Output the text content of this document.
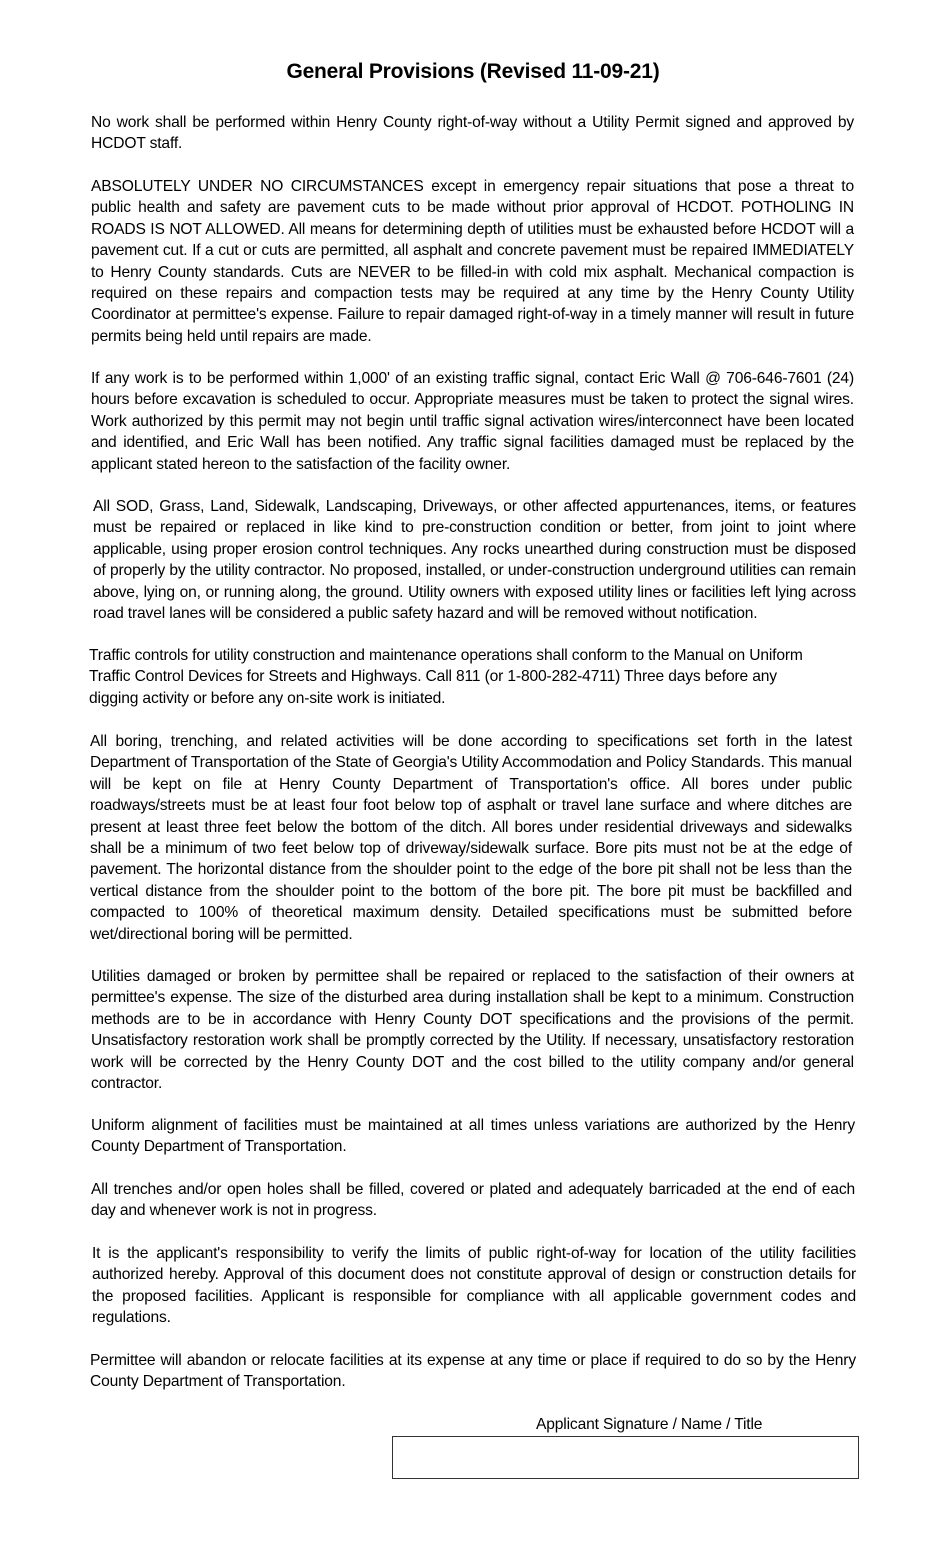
General Provisions (Revised 11-09-21)

No work shall be performed within Henry County right-of-way without a Utility Permit signed and approved by HCDOT staff.

ABSOLUTELY UNDER NO CIRCUMSTANCES except in emergency repair situations that pose a threat to public health and safety are pavement cuts to be made without prior approval of HCDOT. POTHOLING IN ROADS IS NOT ALLOWED. All means for determining depth of utilities must be exhausted before HCDOT will a pavement cut. If a cut or cuts are permitted, all asphalt and concrete pavement must be repaired IMMEDIATELY to Henry County standards. Cuts are NEVER to be filled-in with cold mix asphalt. Mechanical compaction is required on these repairs and compaction tests may be required at any time by the Henry County Utility Coordinator at permittee's expense. Failure to repair damaged right-of-way in a timely manner will result in future permits being held until repairs are made.

If any work is to be performed within 1,000' of an existing traffic signal, contact Eric Wall @ 706-646-7601 (24) hours before excavation is scheduled to occur. Appropriate measures must be taken to protect the signal wires. Work authorized by this permit may not begin until traffic signal activation wires/interconnect have been located and identified, and Eric Wall has been notified. Any traffic signal facilities damaged must be replaced by the applicant stated hereon to the satisfaction of the facility owner.

All SOD, Grass, Land, Sidewalk, Landscaping, Driveways, or other affected appurtenances, items, or features must be repaired or replaced in like kind to pre-construction condition or better, from joint to joint where applicable, using proper erosion control techniques. Any rocks unearthed during construction must be disposed of properly by the utility contractor. No proposed, installed, or under-construction underground utilities can remain above, lying on, or running along, the ground. Utility owners with exposed utility lines or facilities left lying across road travel lanes will be considered a public safety hazard and will be removed without notification.

Traffic controls for utility construction and maintenance operations shall conform to the Manual on Uniform Traffic Control Devices for Streets and Highways. Call 811 (or 1-800-282-4711) Three days before any digging activity or before any on-site work is initiated.

All boring, trenching, and related activities will be done according to specifications set forth in the latest Department of Transportation of the State of Georgia's Utility Accommodation and Policy Standards. This manual will be kept on file at Henry County Department of Transportation's office. All bores under public roadways/streets must be at least four foot below top of asphalt or travel lane surface and where ditches are present at least three feet below the bottom of the ditch. All bores under residential driveways and sidewalks shall be a minimum of two feet below top of driveway/sidewalk surface. Bore pits must not be at the edge of pavement. The horizontal distance from the shoulder point to the edge of the bore pit shall not be less than the vertical distance from the shoulder point to the bottom of the bore pit. The bore pit must be backfilled and compacted to 100% of theoretical maximum density. Detailed specifications must be submitted before wet/directional boring will be permitted.

Utilities damaged or broken by permittee shall be repaired or replaced to the satisfaction of their owners at permittee's expense. The size of the disturbed area during installation shall be kept to a minimum. Construction methods are to be in accordance with Henry County DOT specifications and the provisions of the permit. Unsatisfactory restoration work shall be promptly corrected by the Utility. If necessary, unsatisfactory restoration work will be corrected by the Henry County DOT and the cost billed to the utility company and/or general contractor.

Uniform alignment of facilities must be maintained at all times unless variations are authorized by the Henry County Department of Transportation.

All trenches and/or open holes shall be filled, covered or plated and adequately barricaded at the end of each day and whenever work is not in progress.

It is the applicant's responsibility to verify the limits of public right-of-way for location of the utility facilities authorized hereby. Approval of this document does not constitute approval of design or construction details for the proposed facilities. Applicant is responsible for compliance with all applicable government codes and regulations.

Permittee will abandon or relocate facilities at its expense at any time or place if required to do so by the Henry County Department of Transportation.

Applicant Signature / Name / Title
